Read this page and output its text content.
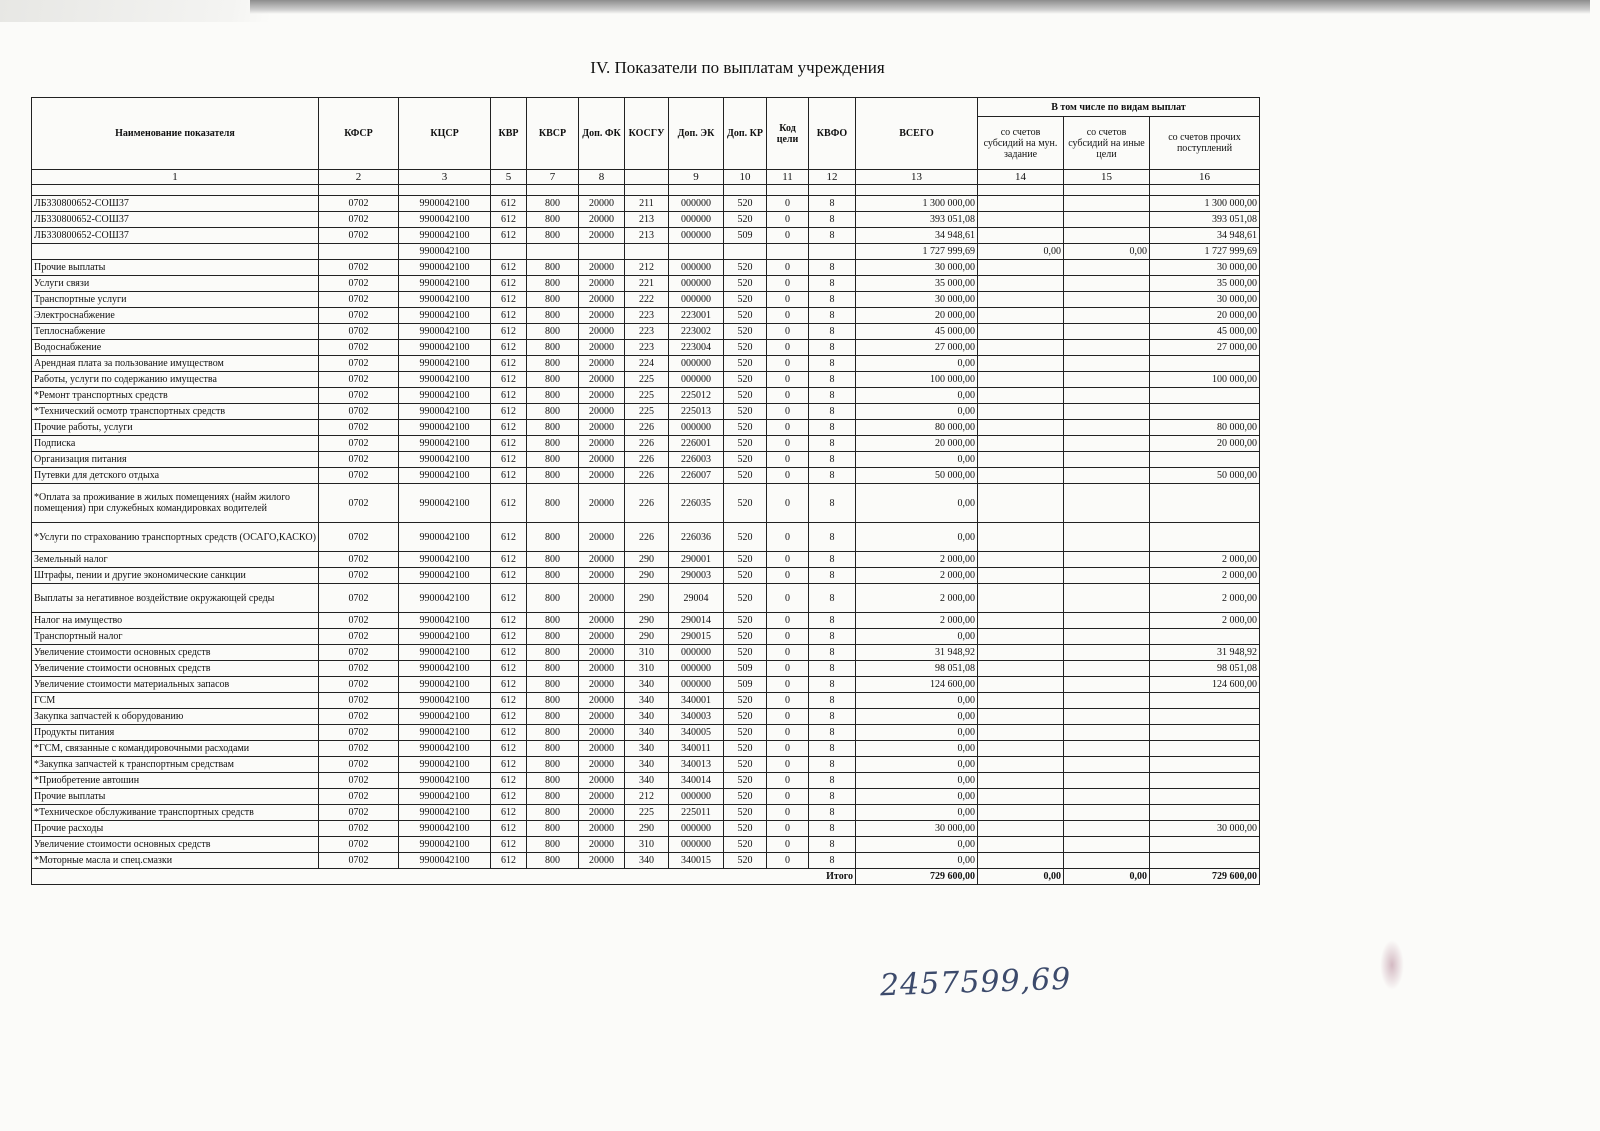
IV. Показатели по выплатам учреждения
Наименование показателя	КФСР	КЦСР	КВР	КВСР	Доп. ФК	КОСГУ	Доп. ЭК	Доп. КР	Код цели	КВФО	ВСЕГО	В том числе по видам выплат		
												со счетов субсидий на мун. задание	со счетов субсидий на иные цели	со счетов прочих поступлений
1	2	3	5	7	8		9	10	11	12	13	14	15	16

ЛБ330800652-СОШ37	0702	9900042100	612	800	20000	211	000000	520	0	8	1 300 000,00			1 300 000,00
ЛБ330800652-СОШ37	0702	9900042100	612	800	20000	213	000000	520	0	8	393 051,08			393 051,08
ЛБ330800652-СОШ37	0702	9900042100	612	800	20000	213	000000	509	0	8	34 948,61			34 948,61
		9900042100									1 727 999,69	0,00	0,00	1 727 999,69
Прочие выплаты	0702	9900042100	612	800	20000	212	000000	520	0	8	30 000,00			30 000,00
Услуги связи	0702	9900042100	612	800	20000	221	000000	520	0	8	35 000,00			35 000,00
Транспортные услуги	0702	9900042100	612	800	20000	222	000000	520	0	8	30 000,00			30 000,00
Электроснабжение	0702	9900042100	612	800	20000	223	223001	520	0	8	20 000,00			20 000,00
Теплоснабжение	0702	9900042100	612	800	20000	223	223002	520	0	8	45 000,00			45 000,00
Водоснабжение	0702	9900042100	612	800	20000	223	223004	520	0	8	27 000,00			27 000,00
Арендная плата за пользование имуществом	0702	9900042100	612	800	20000	224	000000	520	0	8	0,00			
Работы, услуги по содержанию имущества	0702	9900042100	612	800	20000	225	000000	520	0	8	100 000,00			100 000,00
*Ремонт транспортных средств	0702	9900042100	612	800	20000	225	225012	520	0	8	0,00			
*Технический осмотр транспортных средств	0702	9900042100	612	800	20000	225	225013	520	0	8	0,00			
Прочие работы, услуги	0702	9900042100	612	800	20000	226	000000	520	0	8	80 000,00			80 000,00
Подписка	0702	9900042100	612	800	20000	226	226001	520	0	8	20 000,00			20 000,00
Организация питания	0702	9900042100	612	800	20000	226	226003	520	0	8	0,00			
Путевки для детского отдыха	0702	9900042100	612	800	20000	226	226007	520	0	8	50 000,00			50 000,00
*Оплата за проживание в жилых помещениях (найм жилого помещения) при служебных командировках водителей	0702	9900042100	612	800	20000	226	226035	520	0	8	0,00			
*Услуги по страхованию транспортных средств (ОСАГО,КАСКО)	0702	9900042100	612	800	20000	226	226036	520	0	8	0,00			
Земельный налог	0702	9900042100	612	800	20000	290	290001	520	0	8	2 000,00			2 000,00
Штрафы, пении и другие экономические санкции	0702	9900042100	612	800	20000	290	290003	520	0	8	2 000,00			2 000,00
Выплаты за негативное воздействие окружающей среды	0702	9900042100	612	800	20000	290	29004	520	0	8	2 000,00			2 000,00
Налог на имущество	0702	9900042100	612	800	20000	290	290014	520	0	8	2 000,00			2 000,00
Транспортный налог	0702	9900042100	612	800	20000	290	290015	520	0	8	0,00			
Увеличение стоимости основных средств	0702	9900042100	612	800	20000	310	000000	520	0	8	31 948,92			31 948,92
Увеличение стоимости основных средств	0702	9900042100	612	800	20000	310	000000	509	0	8	98 051,08			98 051,08
Увеличение стоимости материальных запасов	0702	9900042100	612	800	20000	340	000000	509	0	8	124 600,00			124 600,00
ГСМ	0702	9900042100	612	800	20000	340	340001	520	0	8	0,00			
Закупка запчастей к оборудованию	0702	9900042100	612	800	20000	340	340003	520	0	8	0,00			
Продукты питания	0702	9900042100	612	800	20000	340	340005	520	0	8	0,00			
*ГСМ, связанные с командировочными расходами	0702	9900042100	612	800	20000	340	340011	520	0	8	0,00			
*Закупка запчастей к транспортным средствам	0702	9900042100	612	800	20000	340	340013	520	0	8	0,00			
*Приобретение автошин	0702	9900042100	612	800	20000	340	340014	520	0	8	0,00			
Прочие выплаты	0702	9900042100	612	800	20000	212	000000	520	0	8	0,00			
*Техническое обслуживание транспортных средств	0702	9900042100	612	800	20000	225	225011	520	0	8	0,00			
Прочие расходы	0702	9900042100	612	800	20000	290	000000	520	0	8	30 000,00			30 000,00
Увеличение стоимости основных средств	0702	9900042100	612	800	20000	310	000000	520	0	8	0,00			
*Моторные масла и спец.смазки	0702	9900042100	612	800	20000	340	340015	520	0	8	0,00			
Итого											729 600,00	0,00	0,00	729 600,00
2457599,69
